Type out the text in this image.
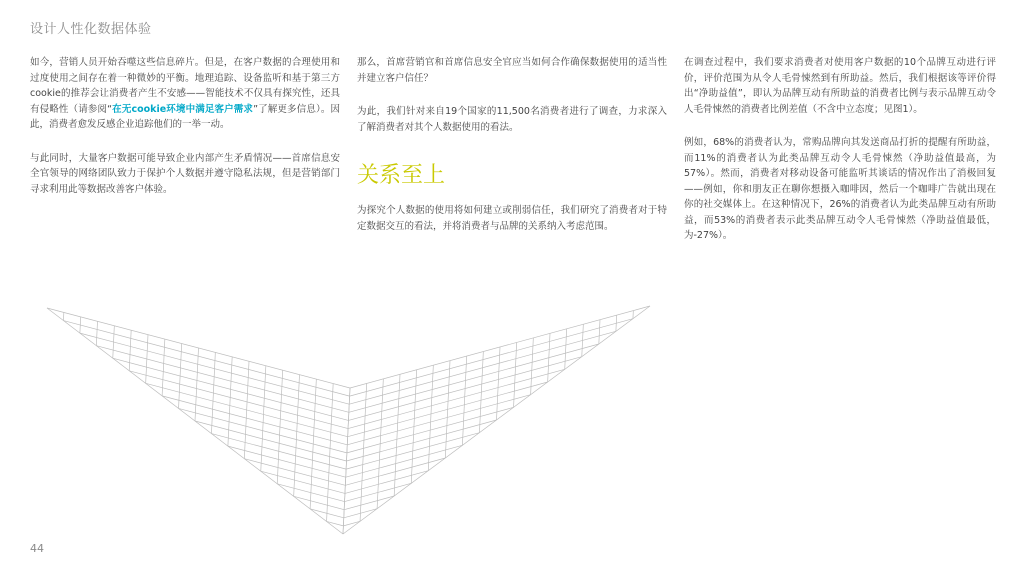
设计人性化数据体验

如今，营销人员开始吞噬这些信息碎片。但是，在客户数据的合理使用和过度使用之间存在着一种微妙的平衡。地理追踪、设备监听和基于第三方cookie的推荐会让消费者产生不安感——智能技术不仅具有探究性，还具有侵略性（请参阅“在无cookie环境中满足客户需求”了解更多信息）。因此，消费者愈发反感企业追踪他们的一举一动。

与此同时，大量客户数据可能导致企业内部产生矛盾情况——首席信息安全官领导的网络团队致力于保护个人数据并遵守隐私法规，但是营销部门寻求利用此等数据改善客户体验。

那么，首席营销官和首席信息安全官应当如何合作确保数据使用的适当性并建立客户信任？

为此，我们针对来自19个国家的11,500名消费者进行了调查，力求深入了解消费者对其个人数据使用的看法。

关系至上

为探究个人数据的使用将如何建立或削弱信任，我们研究了消费者对于特定数据交互的看法，并将消费者与品牌的关系纳入考虑范围。

在调查过程中，我们要求消费者对使用客户数据的10个品牌互动进行评价，评价范围为从令人毛骨悚然到有所助益。然后，我们根据该等评价得出“净助益值”，即认为品牌互动有所助益的消费者比例与表示品牌互动令人毛骨悚然的消费者比例差值（不含中立态度；见图1）。

例如，68%的消费者认为，常购品牌向其发送商品打折的提醒有所助益，而11%的消费者认为此类品牌互动令人毛骨悚然（净助益值最高，为57%）。然而，消费者对移动设备可能监听其谈话的情况作出了消极回复——例如，你和朋友正在聊你想摄入咖啡因，然后一个咖啡广告就出现在你的社交媒体上。在这种情况下，26%的消费者认为此类品牌互动有所助益，而53%的消费者表示此类品牌互动令人毛骨悚然（净助益值最低，为-27%）。

44
